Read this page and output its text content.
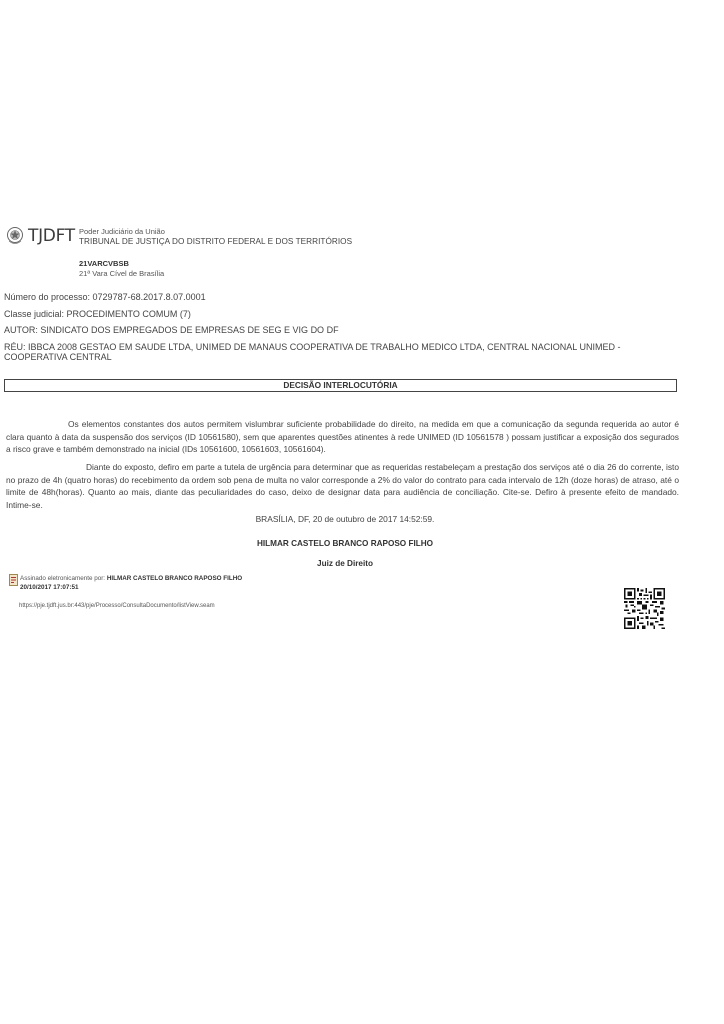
TJDFT Poder Judiciário da União
TRIBUNAL DE JUSTIÇA DO DISTRITO FEDERAL E DOS TERRITÓRIOS
21VARCVBSB
21ª Vara Cível de Brasília
Número do processo: 0729787-68.2017.8.07.0001
Classe judicial: PROCEDIMENTO COMUM (7)
AUTOR: SINDICATO DOS EMPREGADOS DE EMPRESAS DE SEG E VIG DO DF
RÉU: IBBCA 2008 GESTAO EM SAUDE LTDA, UNIMED DE MANAUS COOPERATIVA DE TRABALHO MEDICO LTDA, CENTRAL NACIONAL UNIMED - COOPERATIVA CENTRAL
DECISÃO INTERLOCUTÓRIA

Os elementos constantes dos autos permitem vislumbrar suficiente probabilidade do direito, na medida em que a comunicação da segunda requerida ao autor é clara quanto à data da suspensão dos serviços (ID 10561580), sem que aparentes questões atinentes à rede UNIMED (ID 10561578 ) possam justificar a exposição dos segurados a risco grave e também demonstrado na inicial (IDs 10561600, 10561603, 10561604).

Diante do exposto, defiro em parte a tutela de urgência para determinar que as requeridas restabeleçam a prestação dos serviços até o dia 26 do corrente, isto no prazo de 4h (quatro horas) do recebimento da ordem sob pena de multa no valor corresponde a 2% do valor do contrato para cada intervalo de 12h (doze horas) de atraso, até o limite de 48h(horas). Quanto ao mais, diante das peculiaridades do caso, deixo de designar data para audiência de conciliação. Cite-se. Defiro à presente efeito de mandado. Intime-se.

BRASÍLIA, DF, 20 de outubro de 2017 14:52:59.
HILMAR CASTELO BRANCO RAPOSO FILHO
Juiz de Direito
Assinado eletronicamente por: HILMAR CASTELO BRANCO RAPOSO FILHO
20/10/2017 17:07:51
https://pje.tjdft.jus.br:443/pje/Processo/ConsultaDocumento/listView.seam
